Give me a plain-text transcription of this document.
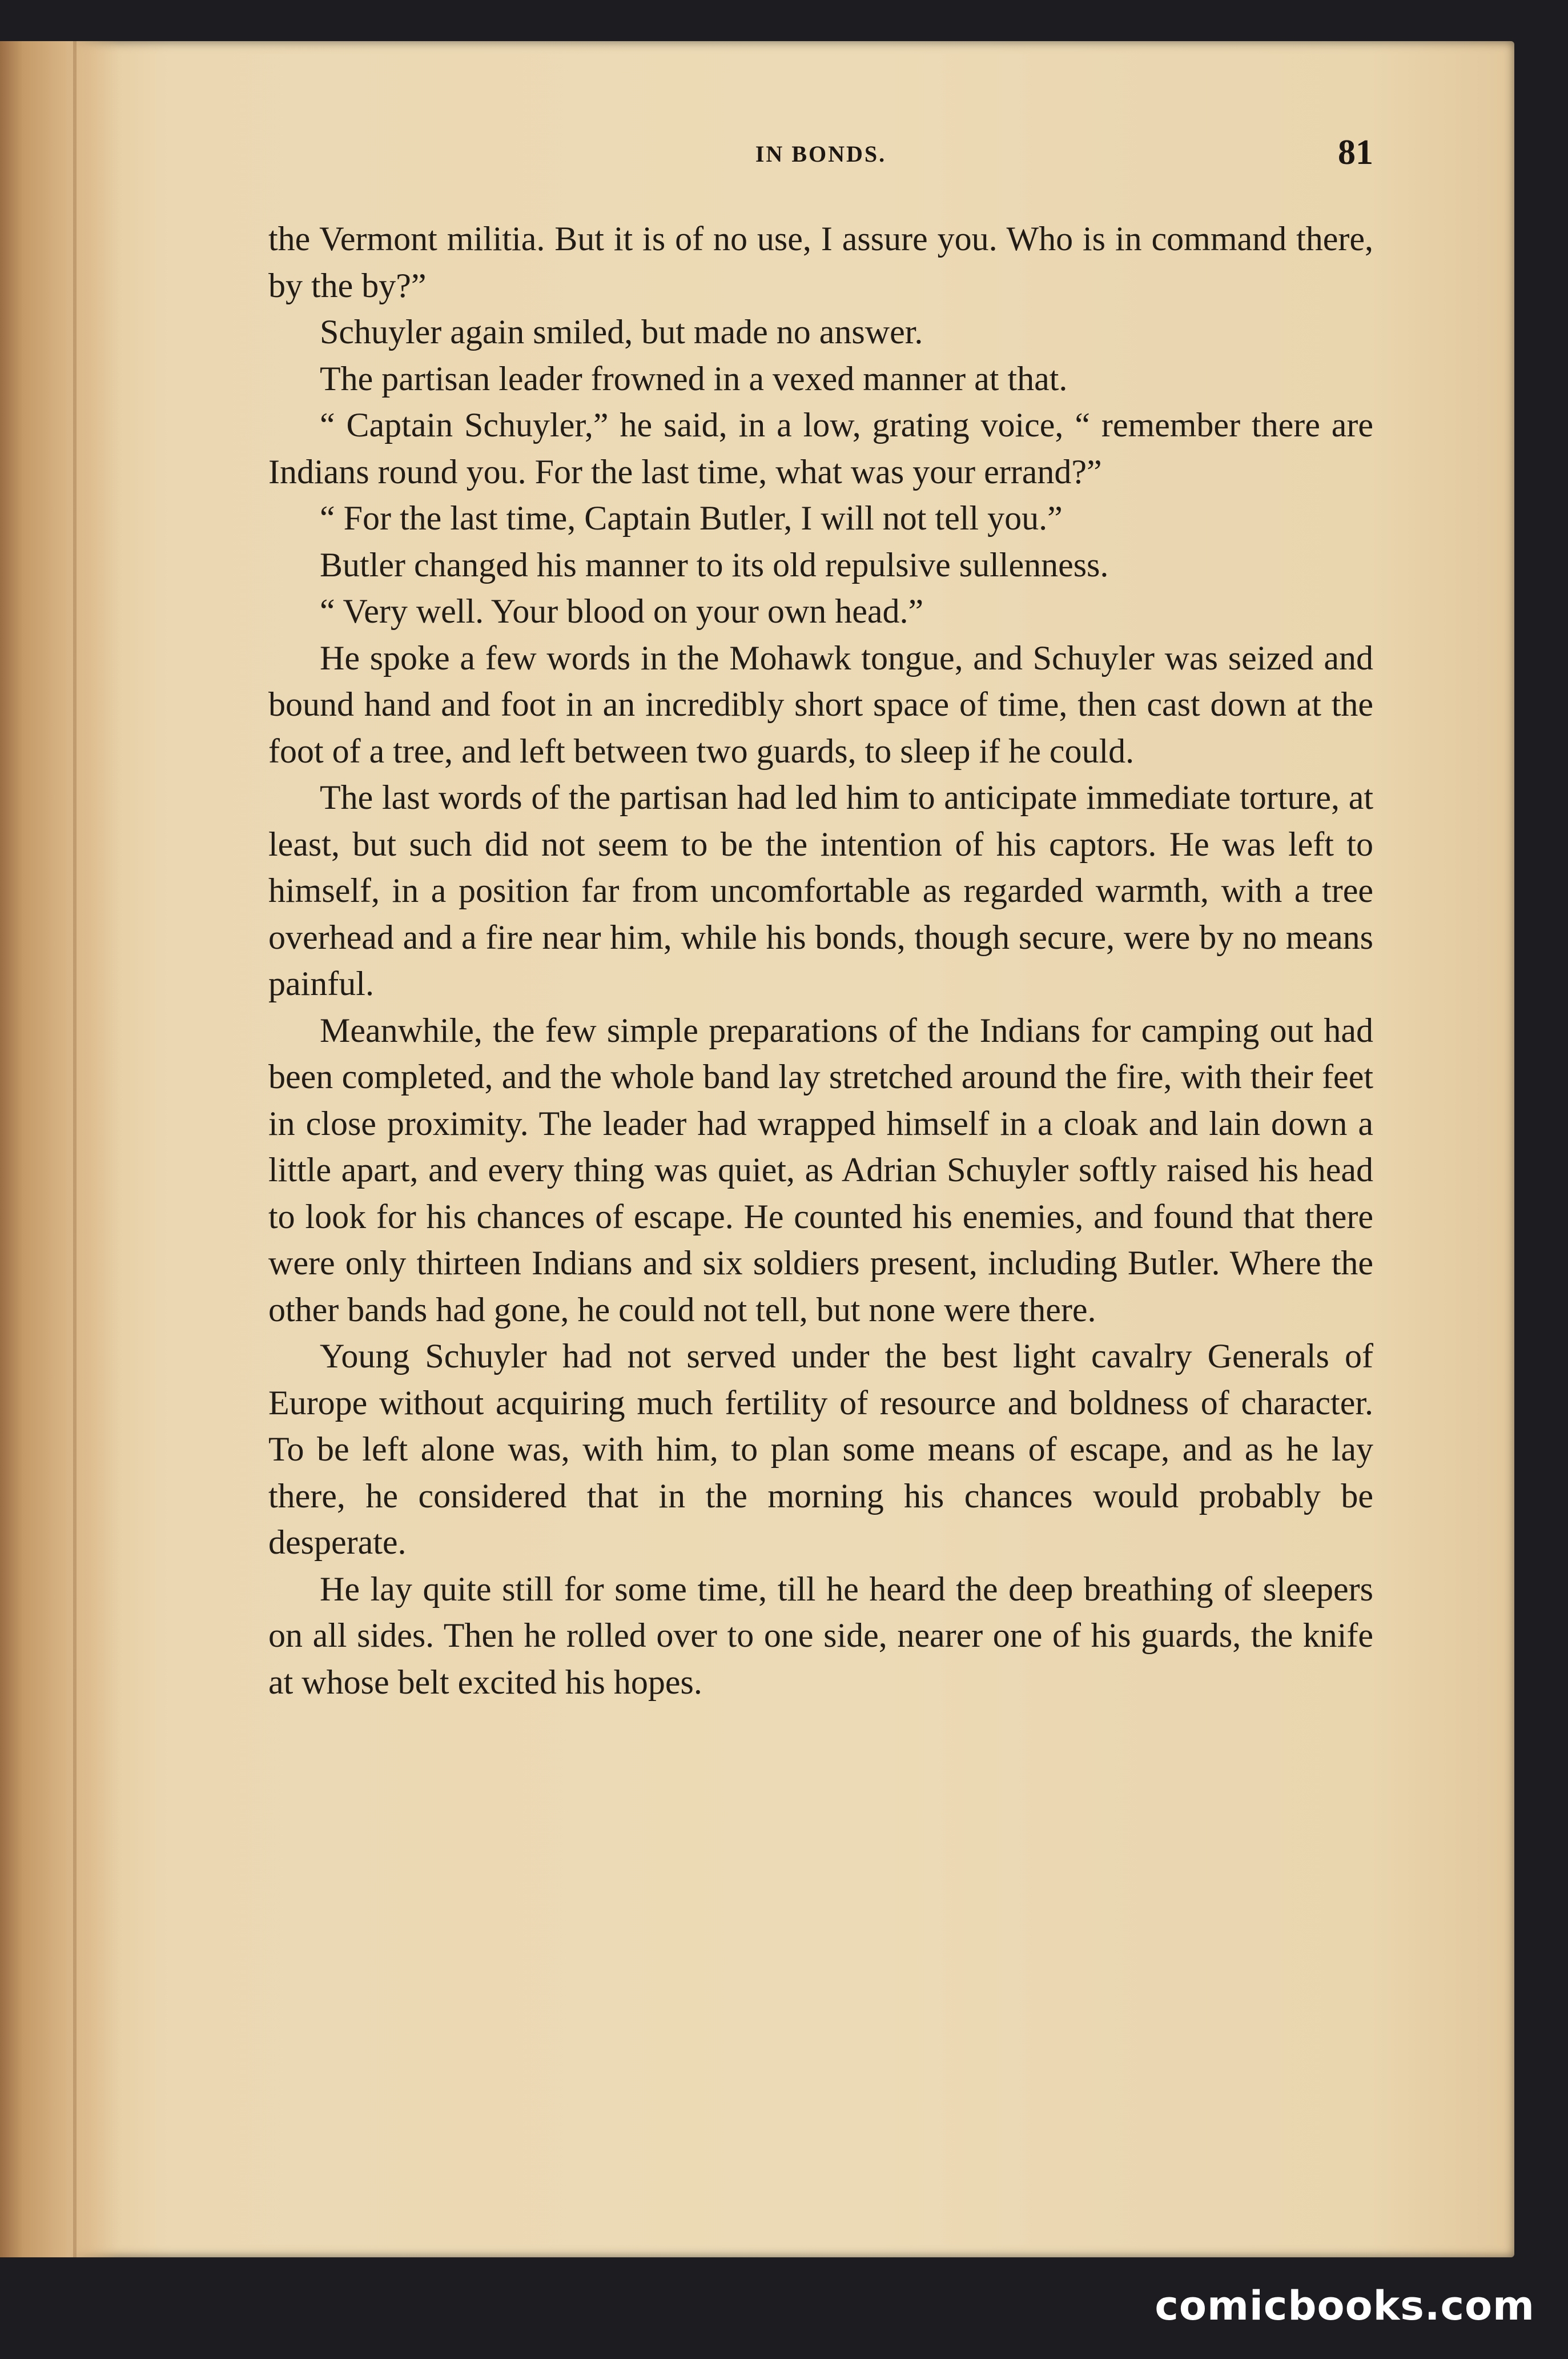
IN BONDS.	81

the Vermont militia. But it is of no use, I assure you. Who is in command there, by the by?”

Schuyler again smiled, but made no answer.

The partisan leader frowned in a vexed manner at that.

“ Captain Schuyler,” he said, in a low, grating voice, “ remember there are Indians round you. For the last time, what was your errand?”

“ For the last time, Captain Butler, I will not tell you.”

Butler changed his manner to its old repulsive sullenness.

“ Very well. Your blood on your own head.”

He spoke a few words in the Mohawk tongue, and Schuyler was seized and bound hand and foot in an incredibly short space of time, then cast down at the foot of a tree, and left between two guards, to sleep if he could.

The last words of the partisan had led him to anticipate immediate torture, at least, but such did not seem to be the intention of his captors. He was left to himself, in a position far from uncomfortable as regarded warmth, with a tree overhead and a fire near him, while his bonds, though secure, were by no means painful.

Meanwhile, the few simple preparations of the Indians for camping out had been completed, and the whole band lay stretched around the fire, with their feet in close proximity. The leader had wrapped himself in a cloak and lain down a little apart, and every thing was quiet, as Adrian Schuyler softly raised his head to look for his chances of escape. He counted his enemies, and found that there were only thirteen Indians and six soldiers present, including Butler. Where the other bands had gone, he could not tell, but none were there.

Young Schuyler had not served under the best light cavalry Generals of Europe without acquiring much fertility of resource and boldness of character. To be left alone was, with him, to plan some means of escape, and as he lay there, he considered that in the morning his chances would probably be desperate.

He lay quite still for some time, till he heard the deep breathing of sleepers on all sides. Then he rolled over to one side, nearer one of his guards, the knife at whose belt excited his hopes.

comicbooks.com
